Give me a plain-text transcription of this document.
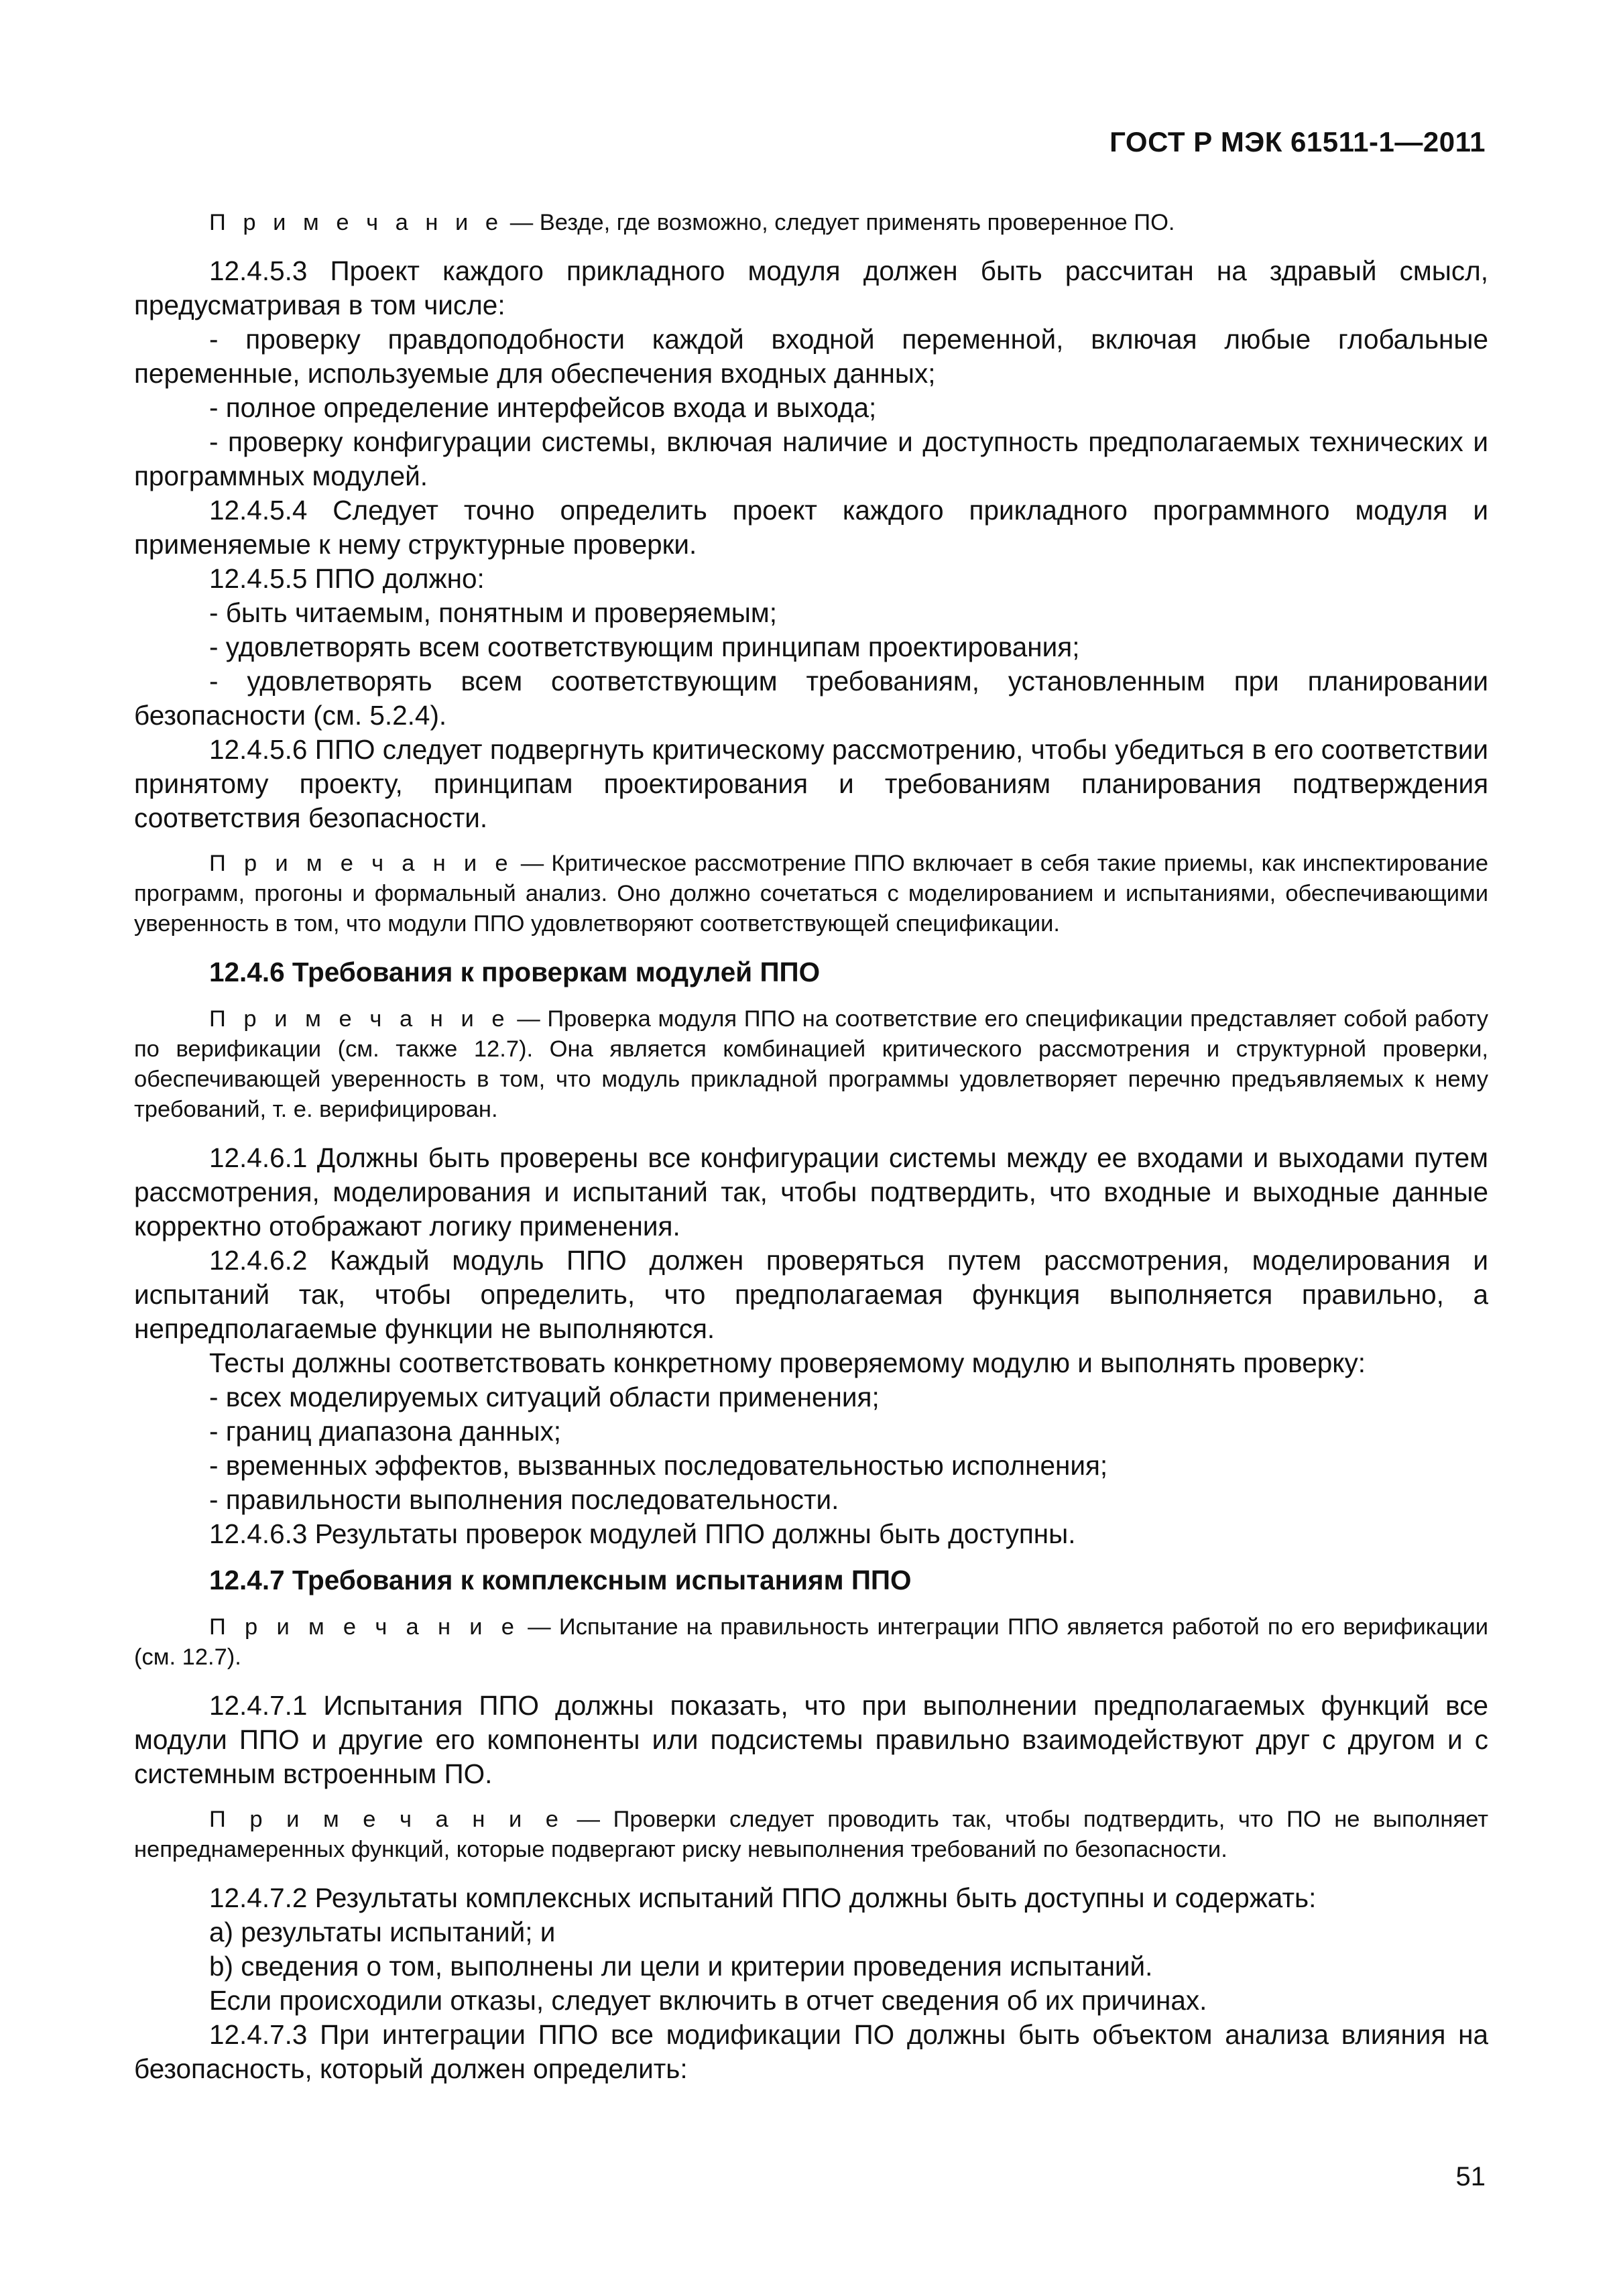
ГОСТ Р МЭК 61511-1—2011

П р и м е ч а н и е — Везде, где возможно, следует применять проверенное ПО.

12.4.5.3 Проект каждого прикладного модуля должен быть рассчитан на здравый смысл, предусматривая в том числе:

- проверку правдоподобности каждой входной переменной, включая любые глобальные переменные, используемые для обеспечения входных данных;

- полное определение интерфейсов входа и выхода;

- проверку конфигурации системы, включая наличие и доступность предполагаемых технических и программных модулей.

12.4.5.4 Следует точно определить проект каждого прикладного программного модуля и применяемые к нему структурные проверки.

12.4.5.5 ППО должно:

- быть читаемым, понятным и проверяемым;

- удовлетворять всем соответствующим принципам проектирования;

- удовлетворять всем соответствующим требованиям, установленным при планировании безопасности (см. 5.2.4).

12.4.5.6 ППО следует подвергнуть критическому рассмотрению, чтобы убедиться в его соответствии принятому проекту, принципам проектирования и требованиям планирования подтверждения соответствия безопасности.

П р и м е ч а н и е — Критическое рассмотрение ППО включает в себя такие приемы, как инспектирование программ, прогоны и формальный анализ. Оно должно сочетаться с моделированием и испытаниями, обеспечивающими уверенность в том, что модули ППО удовлетворяют соответствующей спецификации.

12.4.6 Требования к проверкам модулей ППО

П р и м е ч а н и е — Проверка модуля ППО на соответствие его спецификации представляет собой работу по верификации (см. также 12.7). Она является комбинацией критического рассмотрения и структурной проверки, обеспечивающей уверенность в том, что модуль прикладной программы удовлетворяет перечню предъявляемых к нему требований, т. е. верифицирован.

12.4.6.1 Должны быть проверены все конфигурации системы между ее входами и выходами путем рассмотрения, моделирования и испытаний так, чтобы подтвердить, что входные и выходные данные корректно отображают логику применения.

12.4.6.2 Каждый модуль ППО должен проверяться путем рассмотрения, моделирования и испытаний так, чтобы определить, что предполагаемая функция выполняется правильно, а непредполагаемые функции не выполняются.

Тесты должны соответствовать конкретному проверяемому модулю и выполнять проверку:

- всех моделируемых ситуаций области применения;

- границ диапазона данных;

- временных эффектов, вызванных последовательностью исполнения;

- правильности выполнения последовательности.

12.4.6.3 Результаты проверок модулей ППО должны быть доступны.

12.4.7 Требования к комплексным испытаниям ППО

П р и м е ч а н и е — Испытание на правильность интеграции ППО является работой по его верификации (см. 12.7).

12.4.7.1 Испытания ППО должны показать, что при выполнении предполагаемых функций все модули ППО и другие его компоненты или подсистемы правильно взаимодействуют друг с другом и с системным встроенным ПО.

П р и м е ч а н и е — Проверки следует проводить так, чтобы подтвердить, что ПО не выполняет непреднамеренных функций, которые подвергают риску невыполнения требований по безопасности.

12.4.7.2 Результаты комплексных испытаний ППО должны быть доступны и содержать:

a) результаты испытаний; и

b) сведения о том, выполнены ли цели и критерии проведения испытаний.

Если происходили отказы, следует включить в отчет сведения об их причинах.

12.4.7.3 При интеграции ППО все модификации ПО должны быть объектом анализа влияния на безопасность, который должен определить:

51
